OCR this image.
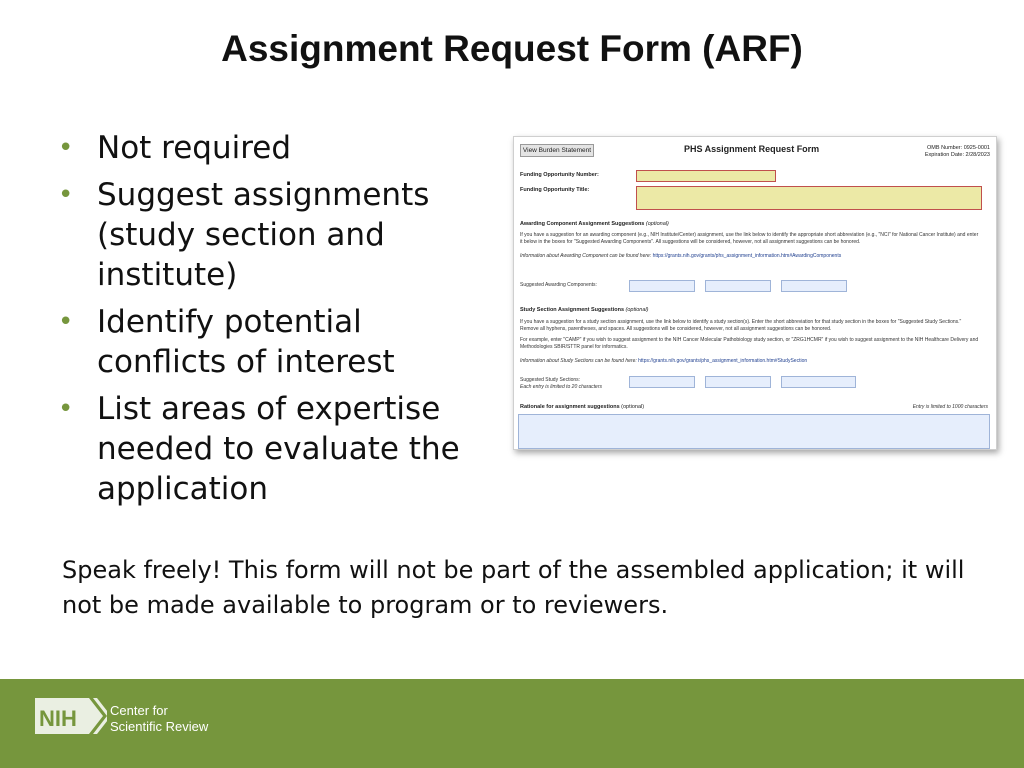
Assignment Request Form (ARF)
• Not required
• Suggest assignments (study section and institute)
• Identify potential conflicts of interest
• List areas of expertise needed to evaluate the application
View Burden Statement	PHS Assignment Request Form	OMB Number: 0925-0001
Expiration Date: 2/28/2023
Funding Opportunity Number:
Funding Opportunity Title:
Awarding Component Assignment Suggestions (optional)
If you have a suggestion for an awarding component (e.g., NIH Institute/Center) assignment, use the link below to identify the appropriate short abbreviation (e.g., "NCI" for National Cancer Institute) and enter it below in the boxes for "Suggested Awarding Components". All suggestions will be considered, however, not all assignment suggestions can be honored.
Information about Awarding Component can be found here: https://grants.nih.gov/grants/phs_assignment_information.htm#AwardingComponents
Suggested Awarding Components:
Study Section Assignment Suggestions (optional)
If you have a suggestion for a study section assignment, use the link below to identify a study section(s). Enter the short abbreviation for that study section in the boxes for "Suggested Study Sections." Remove all hyphens, parentheses, and spaces. All suggestions will be considered, however, not all assignment suggestions can be honored.
For example, enter "CAMP" if you wish to suggest assignment to the NIH Cancer Molecular Pathobiology study section, or "ZRG1HCMR" if you wish to suggest assignment to the NIH Healthcare Delivery and Methodologies SBIR/STTR panel for informatics.
Information about Study Sections can be found here: https://grants.nih.gov/grants/phs_assignment_information.htm#StudySection
Suggested Study Sections:
Each entry is limited to 20 characters
Rationale for assignment suggestions (optional)	Entry is limited to 1000 characters
Speak freely! This form will not be part of the assembled application; it will not be made available to program or to reviewers.
NIH	Center for
Scientific Review
